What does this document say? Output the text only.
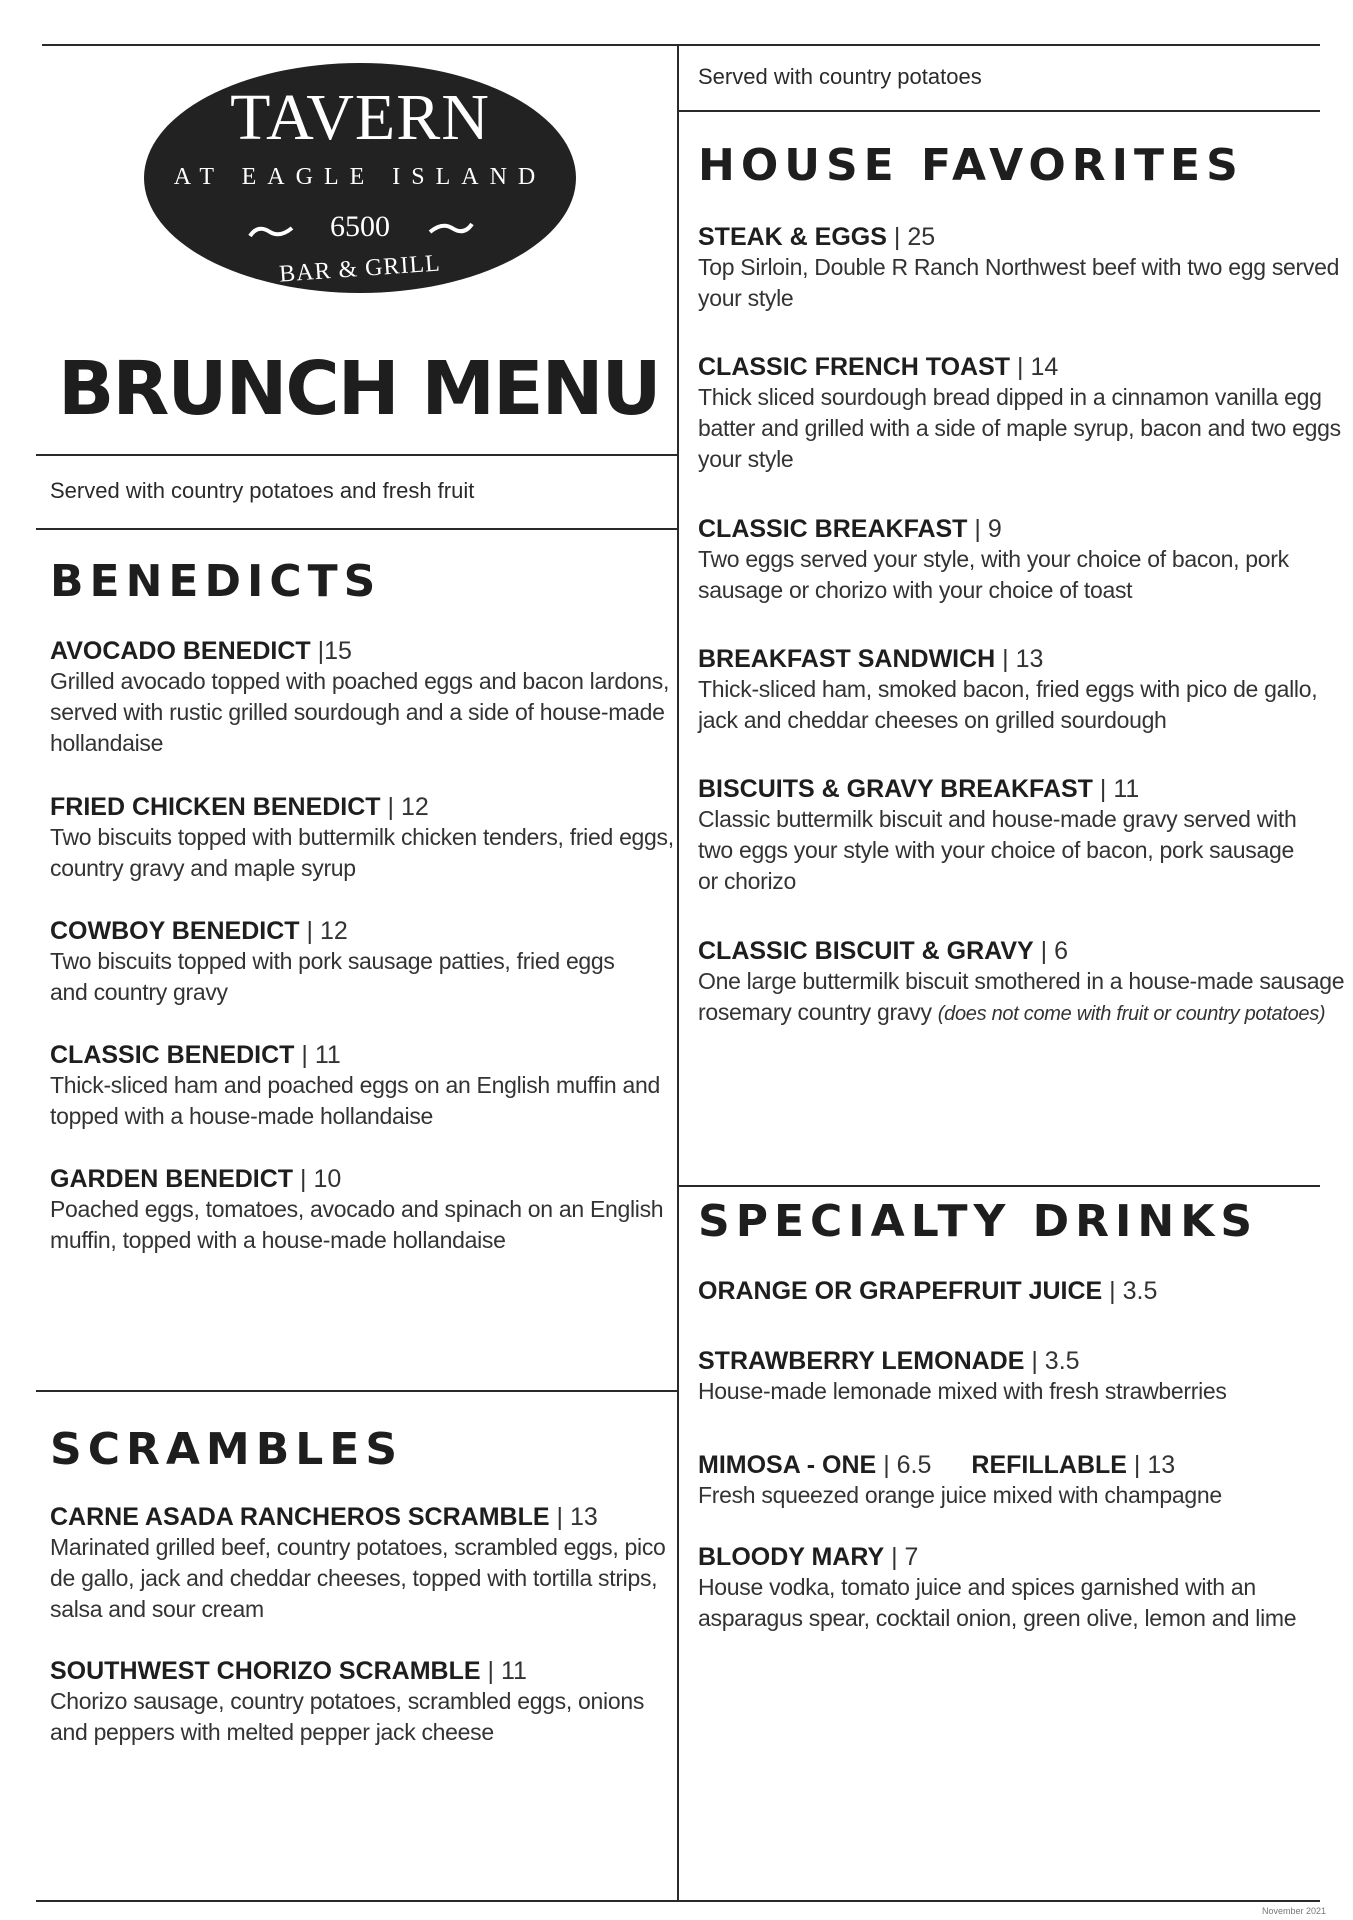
TAVERN
AT EAGLE ISLAND
6500
BAR & GRILL
BRUNCH MENU
Served with country potatoes and fresh fruit
BENEDICTS
AVOCADO BENEDICT |15
Grilled avocado topped with poached eggs and bacon lardons,
served with rustic grilled sourdough and a side of house-made
hollandaise
FRIED CHICKEN BENEDICT | 12
Two biscuits topped with buttermilk chicken tenders, fried eggs,
country gravy and maple syrup
COWBOY BENEDICT | 12
Two biscuits topped with pork sausage patties, fried eggs
and country gravy
CLASSIC BENEDICT | 11
Thick-sliced ham and poached eggs on an English muffin and
topped with a house-made hollandaise
GARDEN BENEDICT | 10
Poached eggs, tomatoes, avocado and spinach on an English
muffin, topped with a house-made hollandaise
SCRAMBLES
CARNE ASADA RANCHEROS SCRAMBLE | 13
Marinated grilled beef, country potatoes, scrambled eggs, pico
de gallo, jack and cheddar cheeses, topped with tortilla strips,
salsa and sour cream
SOUTHWEST CHORIZO SCRAMBLE | 11
Chorizo sausage, country potatoes, scrambled eggs, onions
and peppers with melted pepper jack cheese
Served with country potatoes
HOUSE FAVORITES
STEAK & EGGS | 25
Top Sirloin, Double R Ranch Northwest beef with two egg served
your style
CLASSIC FRENCH TOAST | 14
Thick sliced sourdough bread dipped in a cinnamon vanilla egg
batter and grilled with a side of maple syrup, bacon and two eggs
your style
CLASSIC BREAKFAST | 9
Two eggs served your style, with your choice of bacon, pork
sausage or chorizo with your choice of toast
BREAKFAST SANDWICH | 13
Thick-sliced ham, smoked bacon, fried eggs with pico de gallo,
jack and cheddar cheeses on grilled sourdough
BISCUITS & GRAVY BREAKFAST | 11
Classic buttermilk biscuit and house-made gravy served with
two eggs your style with your choice of bacon, pork sausage
or chorizo
CLASSIC BISCUIT & GRAVY | 6
One large buttermilk biscuit smothered in a house-made sausage
rosemary country gravy (does not come with fruit or country potatoes)
SPECIALTY DRINKS
ORANGE OR GRAPEFRUIT JUICE | 3.5
STRAWBERRY LEMONADE | 3.5
House-made lemonade mixed with fresh strawberries
MIMOSA - ONE | 6.5 REFILLABLE | 13
Fresh squeezed orange juice mixed with champagne
BLOODY MARY | 7
House vodka, tomato juice and spices garnished with an
asparagus spear, cocktail onion, green olive, lemon and lime
November 2021
